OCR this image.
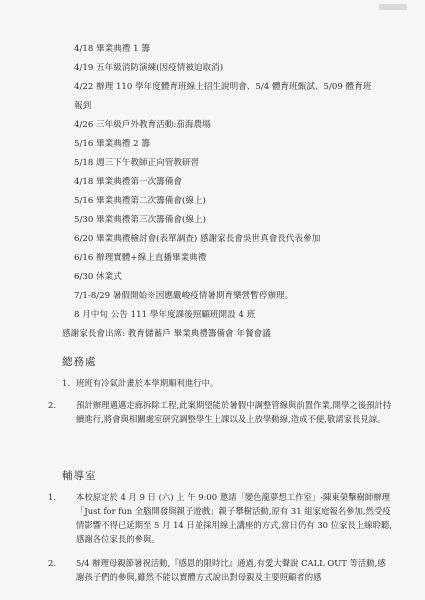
4/18 畢業典禮 1 籌
4/19 五年級消防演練(因疫情被迫取消)
4/22 辦理 110 學年度體育班線上招生說明會、5/4 體育班甄試、5/09 體育班
報到
4/26 三年級戶外教育活動:茄海農場
5/16 畢業典禮 2 籌
5/18 週三下午教師正向管教研習
4/18 畢業典禮第一次籌備會
5/16 畢業典禮第二次籌備會(線上)
5/30 畢業典禮第三次籌備會(線上)
6/20 畢業典禮檢討會(表單調查) 感謝家長會吳世真會長代表參加
6/16 辦理實體+線上直播畢業典禮
6/30 休業式
7/1-8/29 暑假開始※因應嚴峻疫情暑期育樂營暫停辦理。
8 月中旬 公告 111 學年度課後照顧班開設 4 班
感謝家長會出席: 教育儲蓄戶 畢業典禮籌備會 年餐會議
總務處
1. 班班有冷氣計畫於本學期順利進行中。
2. 預計辦理邁邁走廊拆除工程,此案期望能於暑假中調整管線與前置作業,開學之後預計持續進行,將會與相關處室研究調整學生上課以及上放學動線,造成不便,敬請家長見諒。
輔導室
1. 本校原定於 4 月 9 日 (六) 上 午 9:00 邀請「變色龍夢想工作室」-陳東榮擊樹師辦理「Just for fun 全腦開發與親子遊戲」親子攀樹活動,原有 31 組家庭報名參加,然受疫情影響不得已延期至 5 月 14 日並採用線上講座的方式,當日仍有 30 位家長上線聆聽,感謝各位家長的參與。
2. 5/4 辦理母親節暑祝活動,『感恩的限時比』通過,有愛大聲說 CALL OUT 等活動,感謝孩子們的參與,雖然不能以實體方式說出對母親及主要照顧者的感
